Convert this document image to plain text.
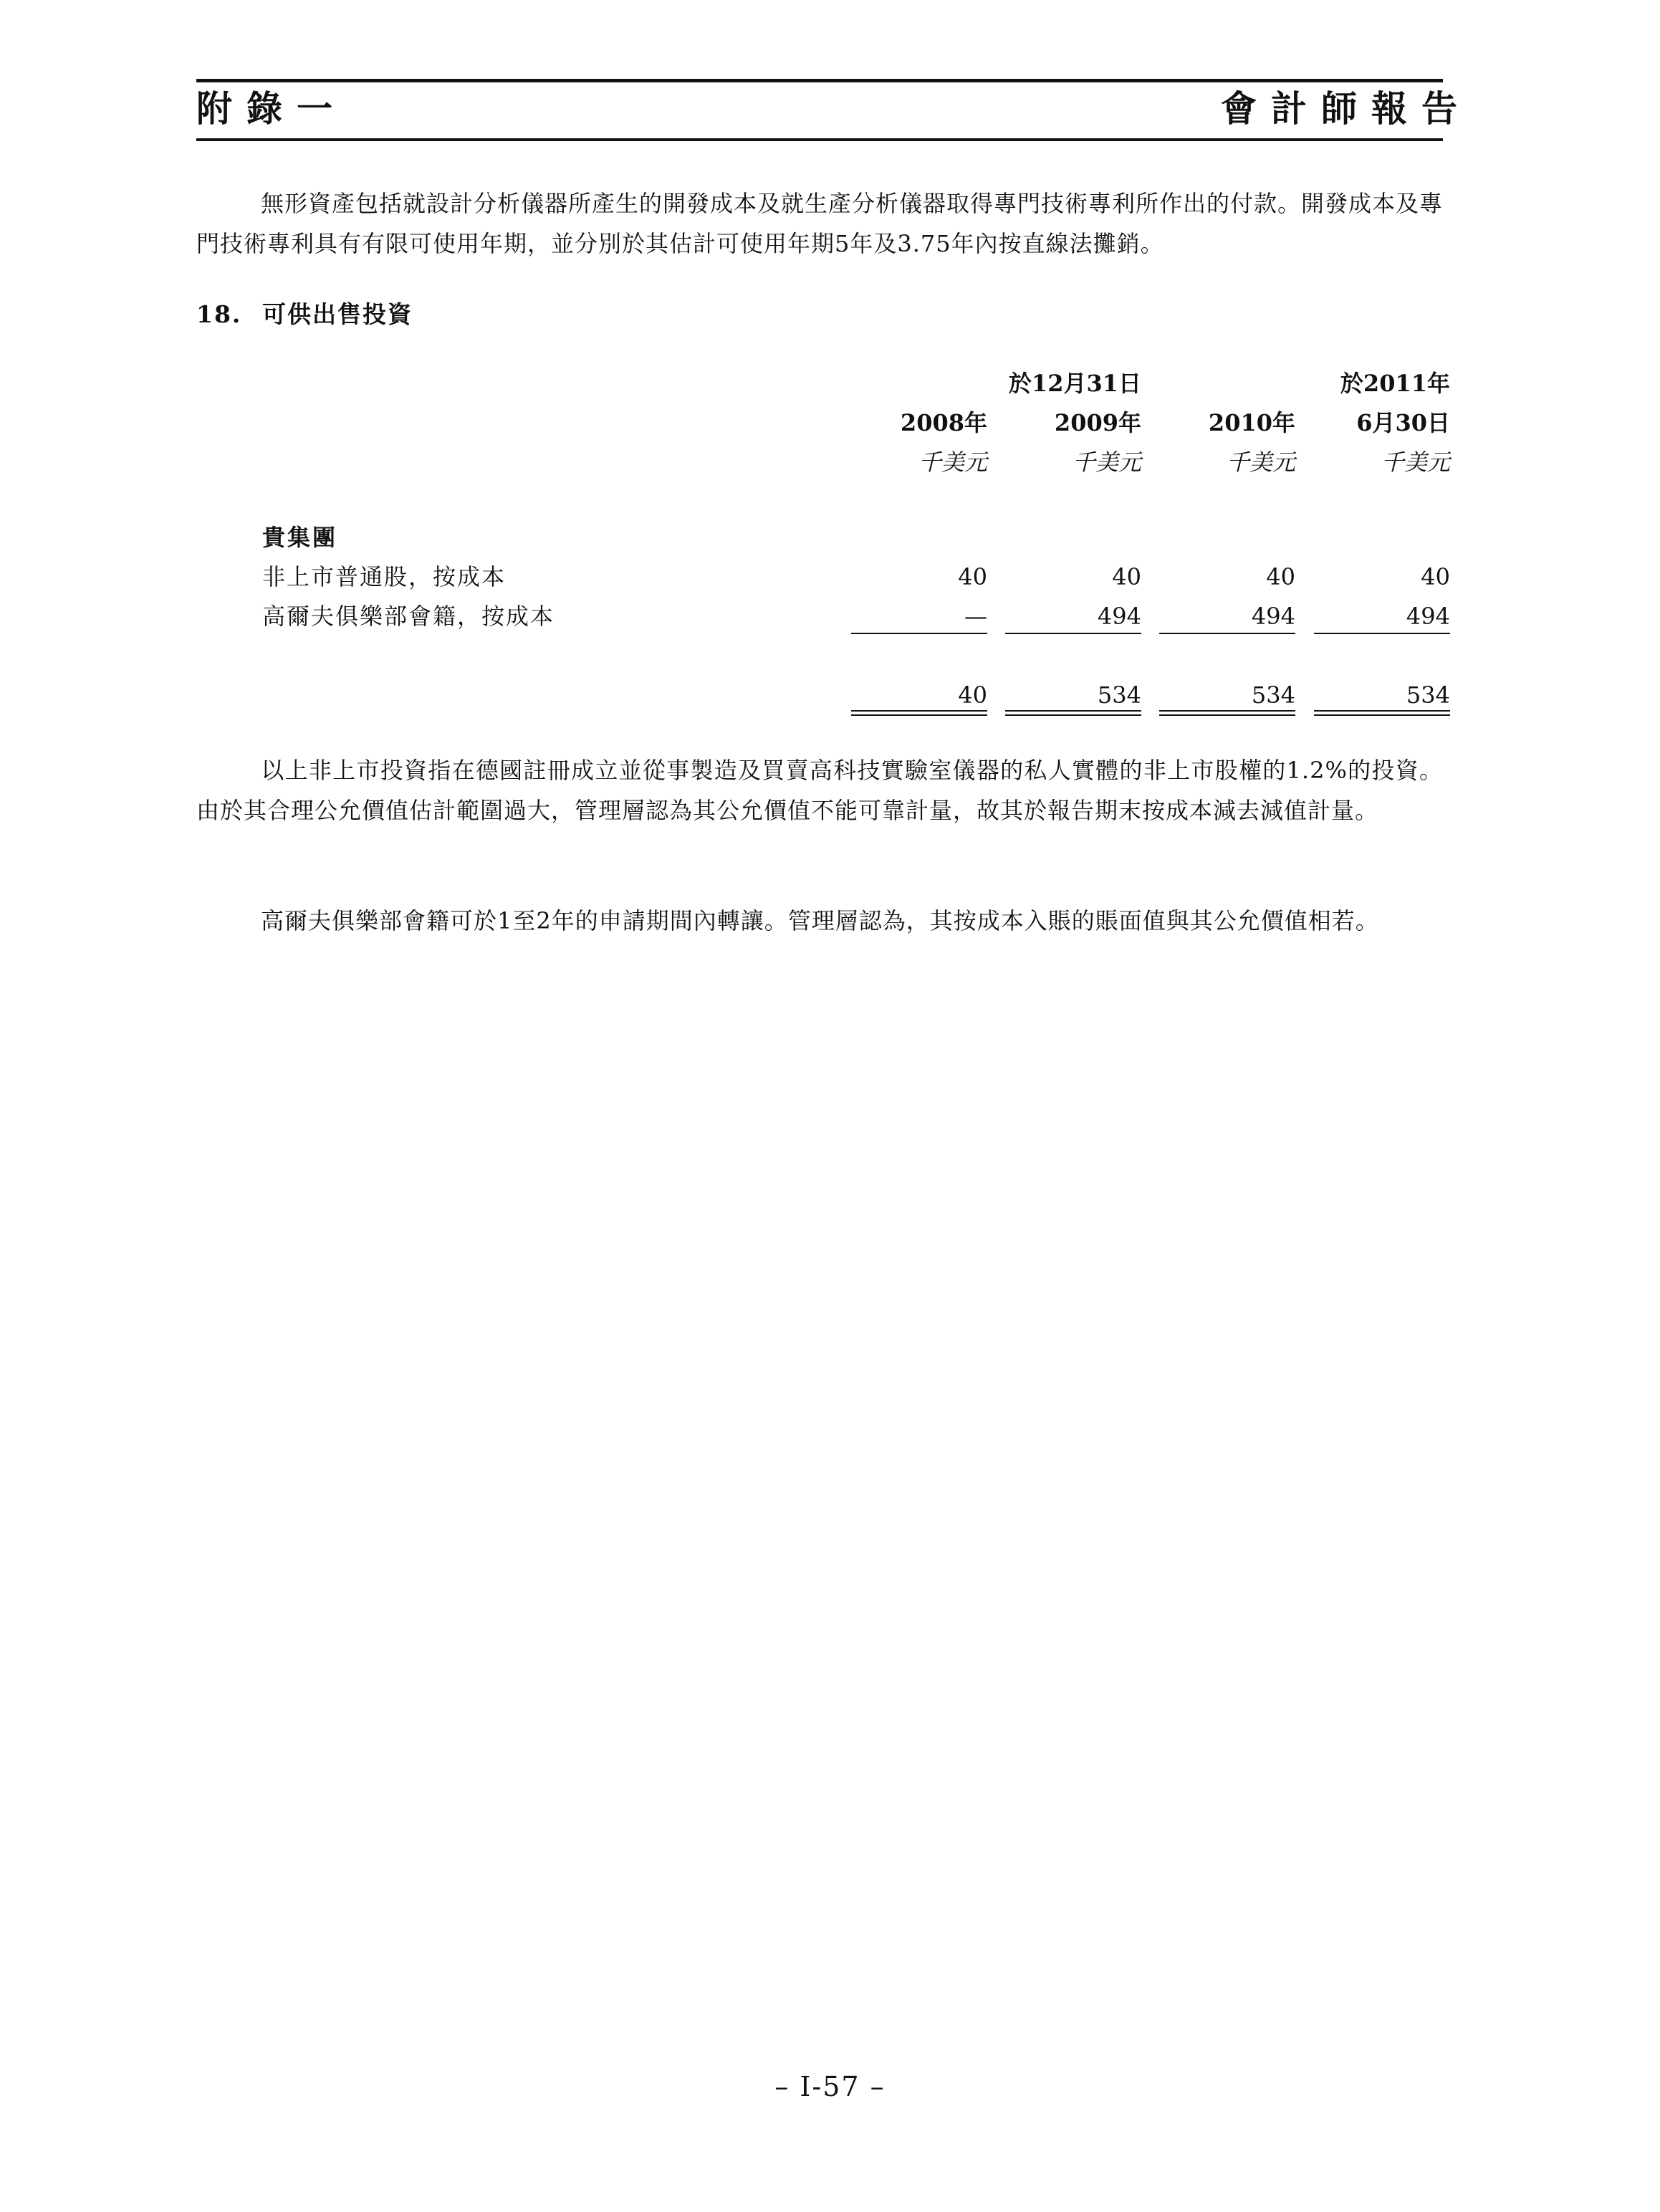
附錄一	會計師報告
無形資產包括就設計分析儀器所產生的開發成本及就生產分析儀器取得專門技術專利所作出的付款。開發成本及專門技術專利具有有限可使用年期，並分別於其估計可使用年期5年及3.75年內按直線法攤銷。
18. 可供出售投資
於12月31日	於2011年
2008年	2009年	2010年	6月30日
千美元	千美元	千美元	千美元
貴集團
非上市普通股，按成本	40	40	40	40
高爾夫俱樂部會籍，按成本	—	494	494	494
40	534	534	534
以上非上市投資指在德國註冊成立並從事製造及買賣高科技實驗室儀器的私人實體的非上市股權的1.2%的投資。由於其合理公允價值估計範圍過大，管理層認為其公允價值不能可靠計量，故其於報告期末按成本減去減值計量。
高爾夫俱樂部會籍可於1至2年的申請期間內轉讓。管理層認為，其按成本入賬的賬面值與其公允價值相若。
– I-57 –
